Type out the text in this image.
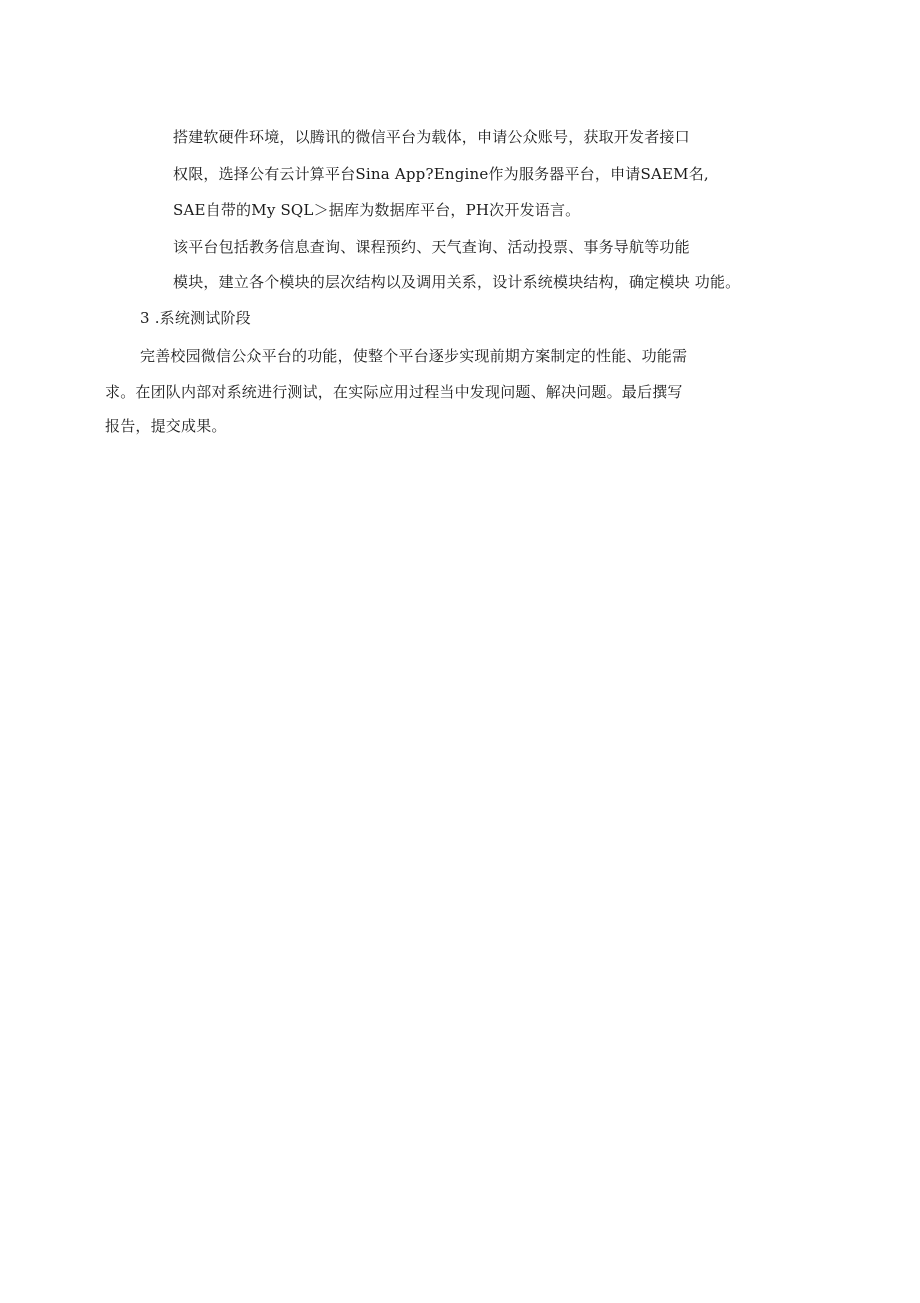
搭建软硬件环境，以腾讯的微信平台为载体，申请公众账号，获取开发者接口
权限，选择公有云计算平台Sina App?Engine作为服务器平台，申请SAEM名,
SAE自带的My SQL＞据库为数据库平台，PH次开发语言。
该平台包括教务信息查询、课程预约、天气查询、活动投票、事务导航等功能
模块，建立各个模块的层次结构以及调用关系，设计系统模块结构，确定模块 功能。
3 .系统测试阶段
完善校园微信公众平台的功能，使整个平台逐步实现前期方案制定的性能、功能需
求。在团队内部对系统进行测试，在实际应用过程当中发现问题、解决问题。最后撰写
报告，提交成果。
